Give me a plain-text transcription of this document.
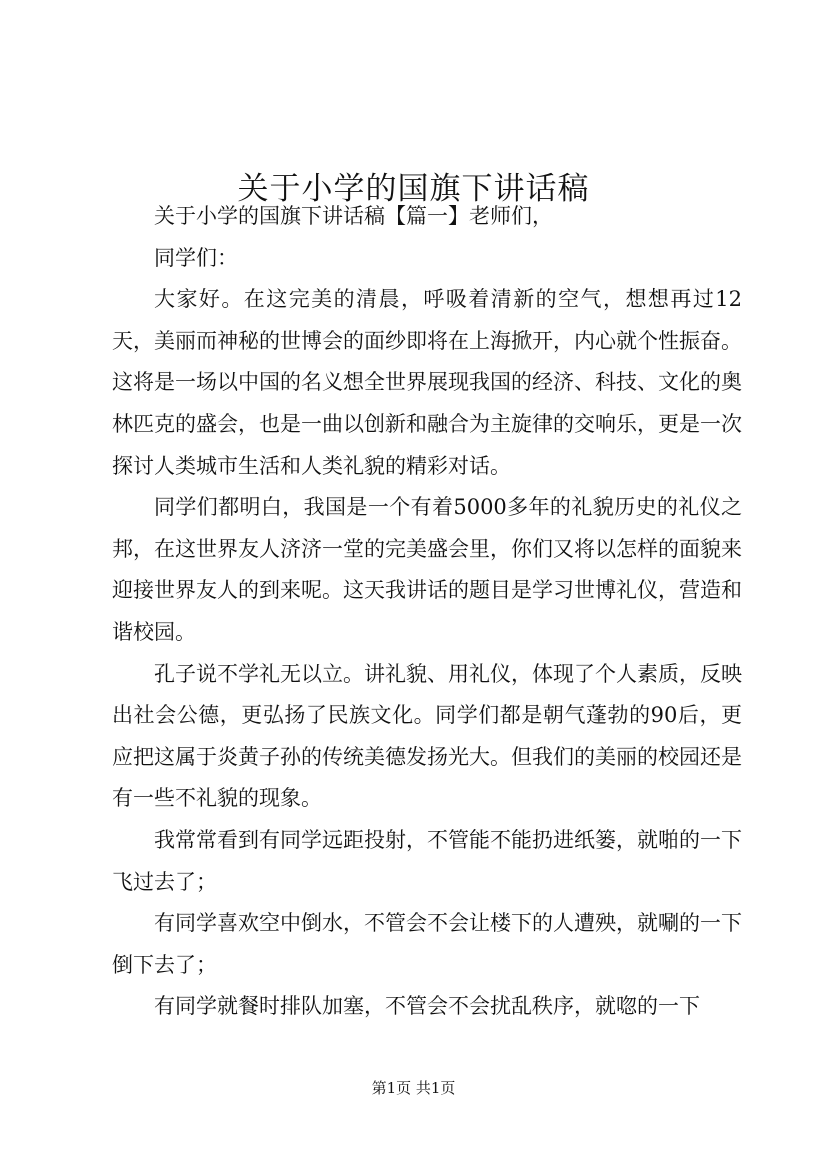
关于小学的国旗下讲话稿

关于小学的国旗下讲话稿【篇一】老师们，

同学们：

大家好。在这完美的清晨，呼吸着清新的空气，想想再过12天，美丽而神秘的世博会的面纱即将在上海掀开，内心就个性振奋。这将是一场以中国的名义想全世界展现我国的经济、科技、文化的奥林匹克的盛会，也是一曲以创新和融合为主旋律的交响乐，更是一次探讨人类城市生活和人类礼貌的精彩对话。

同学们都明白，我国是一个有着5000多年的礼貌历史的礼仪之邦，在这世界友人济济一堂的完美盛会里，你们又将以怎样的面貌来迎接世界友人的到来呢。这天我讲话的题目是学习世博礼仪，营造和谐校园。

孔子说不学礼无以立。讲礼貌、用礼仪，体现了个人素质，反映出社会公德，更弘扬了民族文化。同学们都是朝气蓬勃的90后，更应把这属于炎黄子孙的传统美德发扬光大。但我们的美丽的校园还是有一些不礼貌的现象。

我常常看到有同学远距投射，不管能不能扔进纸篓，就啪的一下飞过去了；

有同学喜欢空中倒水，不管会不会让楼下的人遭殃，就唰的一下倒下去了；

有同学就餐时排队加塞，不管会不会扰乱秩序，就唿的一下

第1页 共1页
